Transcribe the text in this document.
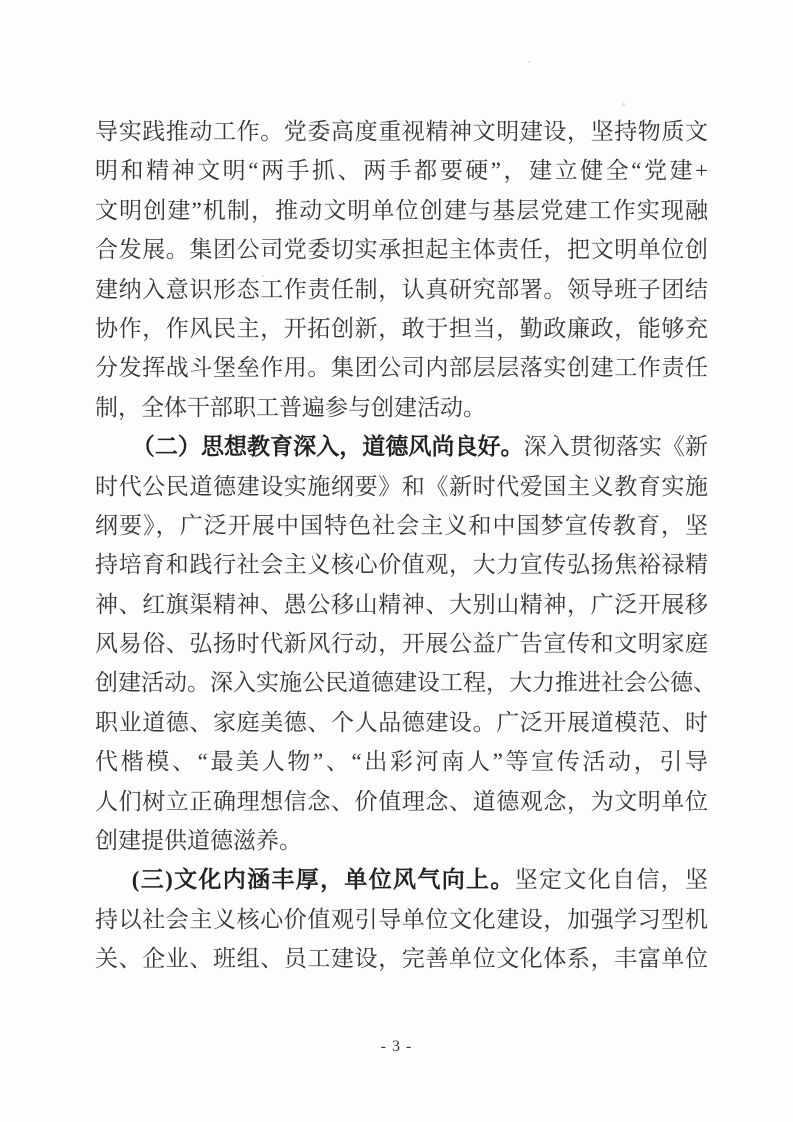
导实践推动工作。党委高度重视精神文明建设，坚持物质文
明和精神文明“两手抓、两手都要硬”，建立健全“党建+
文明创建”机制，推动文明单位创建与基层党建工作实现融
合发展。集团公司党委切实承担起主体责任，把文明单位创
建纳入意识形态工作责任制，认真研究部署。领导班子团结
协作，作风民主，开拓创新，敢于担当，勤政廉政，能够充
分发挥战斗堡垒作用。集团公司内部层层落实创建工作责任
制，全体干部职工普遍参与创建活动。
（二）思想教育深入，道德风尚良好。深入贯彻落实《新
时代公民道德建设实施纲要》和《新时代爱国主义教育实施
纲要》，广泛开展中国特色社会主义和中国梦宣传教育，坚
持培育和践行社会主义核心价值观，大力宣传弘扬焦裕禄精
神、红旗渠精神、愚公移山精神、大别山精神，广泛开展移
风易俗、弘扬时代新风行动，开展公益广告宣传和文明家庭
创建活动。深入实施公民道德建设工程，大力推进社会公德、
职业道德、家庭美德、个人品德建设。广泛开展道模范、时
代楷模、“最美人物”、“出彩河南人”等宣传活动，引导
人们树立正确理想信念、价值理念、道德观念，为文明单位
创建提供道德滋养。
(三)文化内涵丰厚，单位风气向上。坚定文化自信，坚
持以社会主义核心价值观引导单位文化建设，加强学习型机
关、企业、班组、员工建设，完善单位文化体系，丰富单位
- 3 -
